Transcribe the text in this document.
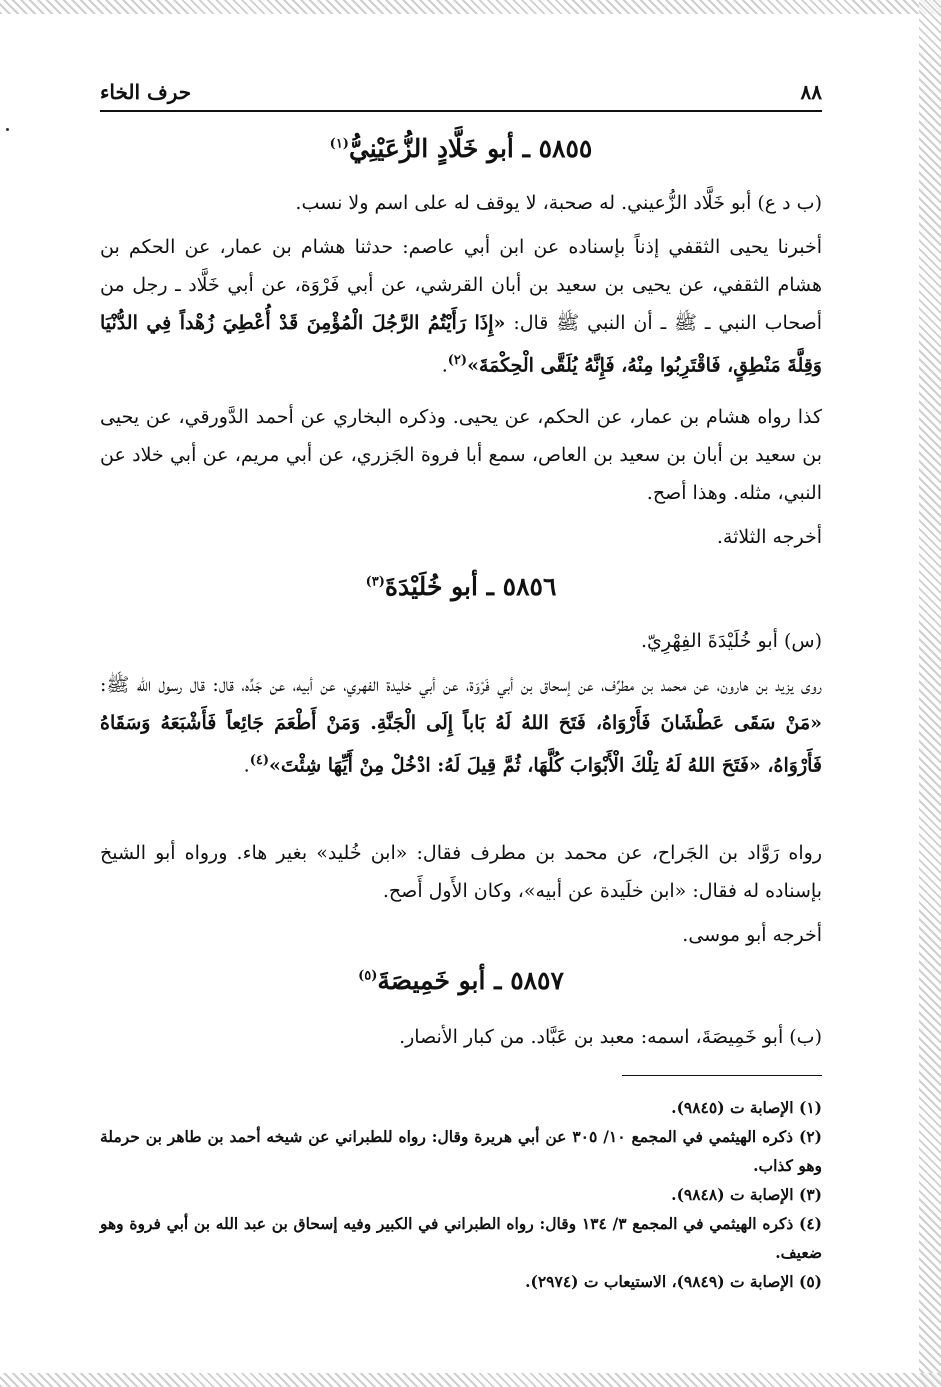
٨٨
حرف الخاء
٥٨٥٥ ـ أبو خَلَّادٍ الزُّعَيْنِيُّ$^{(١)}$

(ب د ع) أبو خَلَّاد الزُّعيني. له صحبة، لا يوقف له على اسم ولا نسب.

أخبرنا يحيى الثقفي إذناً بإسناده عن ابن أبي عاصم: حدثنا هشام بن عمار، عن الحكم بن هشام الثقفي، عن يحيى بن سعيد بن أبان القرشي، عن أبي فَرْوَة، عن أبي خَلَّاد ـ رجل من أصحاب النبي ـ ﷺ ـ أن النبي ﷺ قال: «إِذَا رَأَيْتُمُ الرَّجُلَ الْمُؤْمِنَ قَدْ أُعْطِيَ زُهْداً فِي الدُّنْيَا وَقِلَّةَ مَنْطِقٍ، فَاقْتَرِبُوا مِنْهُ، فَإِنَّهُ يُلَقَّى الْحِكْمَةَ»$^{(٢)}$.

كذا رواه هشام بن عمار، عن الحكم، عن يحيى. وذكره البخاري عن أحمد الدَّورقي، عن يحيى بن سعيد بن أبان بن سعيد بن العاص، سمع أبا فروة الجَزري، عن أبي مريم، عن أبي خلاد عن النبي، مثله. وهذا أصح.

أخرجه الثلاثة.

٥٨٥٦ ـ أبو خُلَيْدَةَ$^{(٣)}$

(س) أبو خُلَيْدَةَ الفِهْرِيّ.

روى يزيد بن هارون، عن محمد بن مطرِّف، عن إسحاق بن أبي فَرْوَة، عن أبي خليدة الفهري، عن أبيه، عن جَدِّه، قال: قال رسول الله ﷺ: «مَنْ سَقَى عَطْشَانَ فَأَرْوَاهُ، فَتَحَ اللهُ لَهُ بَاباً إِلَى الْجَنَّةِ. وَمَنْ أَطْعَمَ جَائِعاً فَأَشْبَعَهُ وَسَقَاهُ فَأَرْوَاهُ، «فَتَحَ اللهُ لَهُ تِلْكَ الْأَبْوَابَ كُلَّهَا، ثُمَّ قِيلَ لَهُ: ادْخُلْ مِنْ أَيِّهَا شِئْتَ»$^{(٤)}$.

رواه رَوَّاد بن الجَراح، عن محمد بن مطرف فقال: «ابن خُليد» بغير هاء. ورواه أبو الشيخ بإسناده له فقال: «ابن خلَيدة عن أبيه»، وكان الأَول أَصح.

أخرجه أبو موسى.

٥٨٥٧ ـ أبو خَمِيصَةَ$^{(٥)}$

(ب) أبو خَمِيصَةَ، اسمه: معبد بن عَبَّاد. من كبار الأنصار.

(١) الإصابة ت (٩٨٤٥).

(٢) ذكره الهيثمي في المجمع ١٠/ ٣٠٥ عن أبي هريرة وقال: رواه للطبراني عن شيخه أحمد بن طاهر بن حرملة وهو كذاب.

(٣) الإصابة ت (٩٨٤٨).

(٤) ذكره الهيثمي في المجمع ٣/ ١٣٤ وقال: رواه الطبراني في الكبير وفيه إسحاق بن عبد الله بن أبي فروة وهو ضعيف.

(٥) الإصابة ت (٩٨٤٩)، الاستيعاب ت (٢٩٧٤).
